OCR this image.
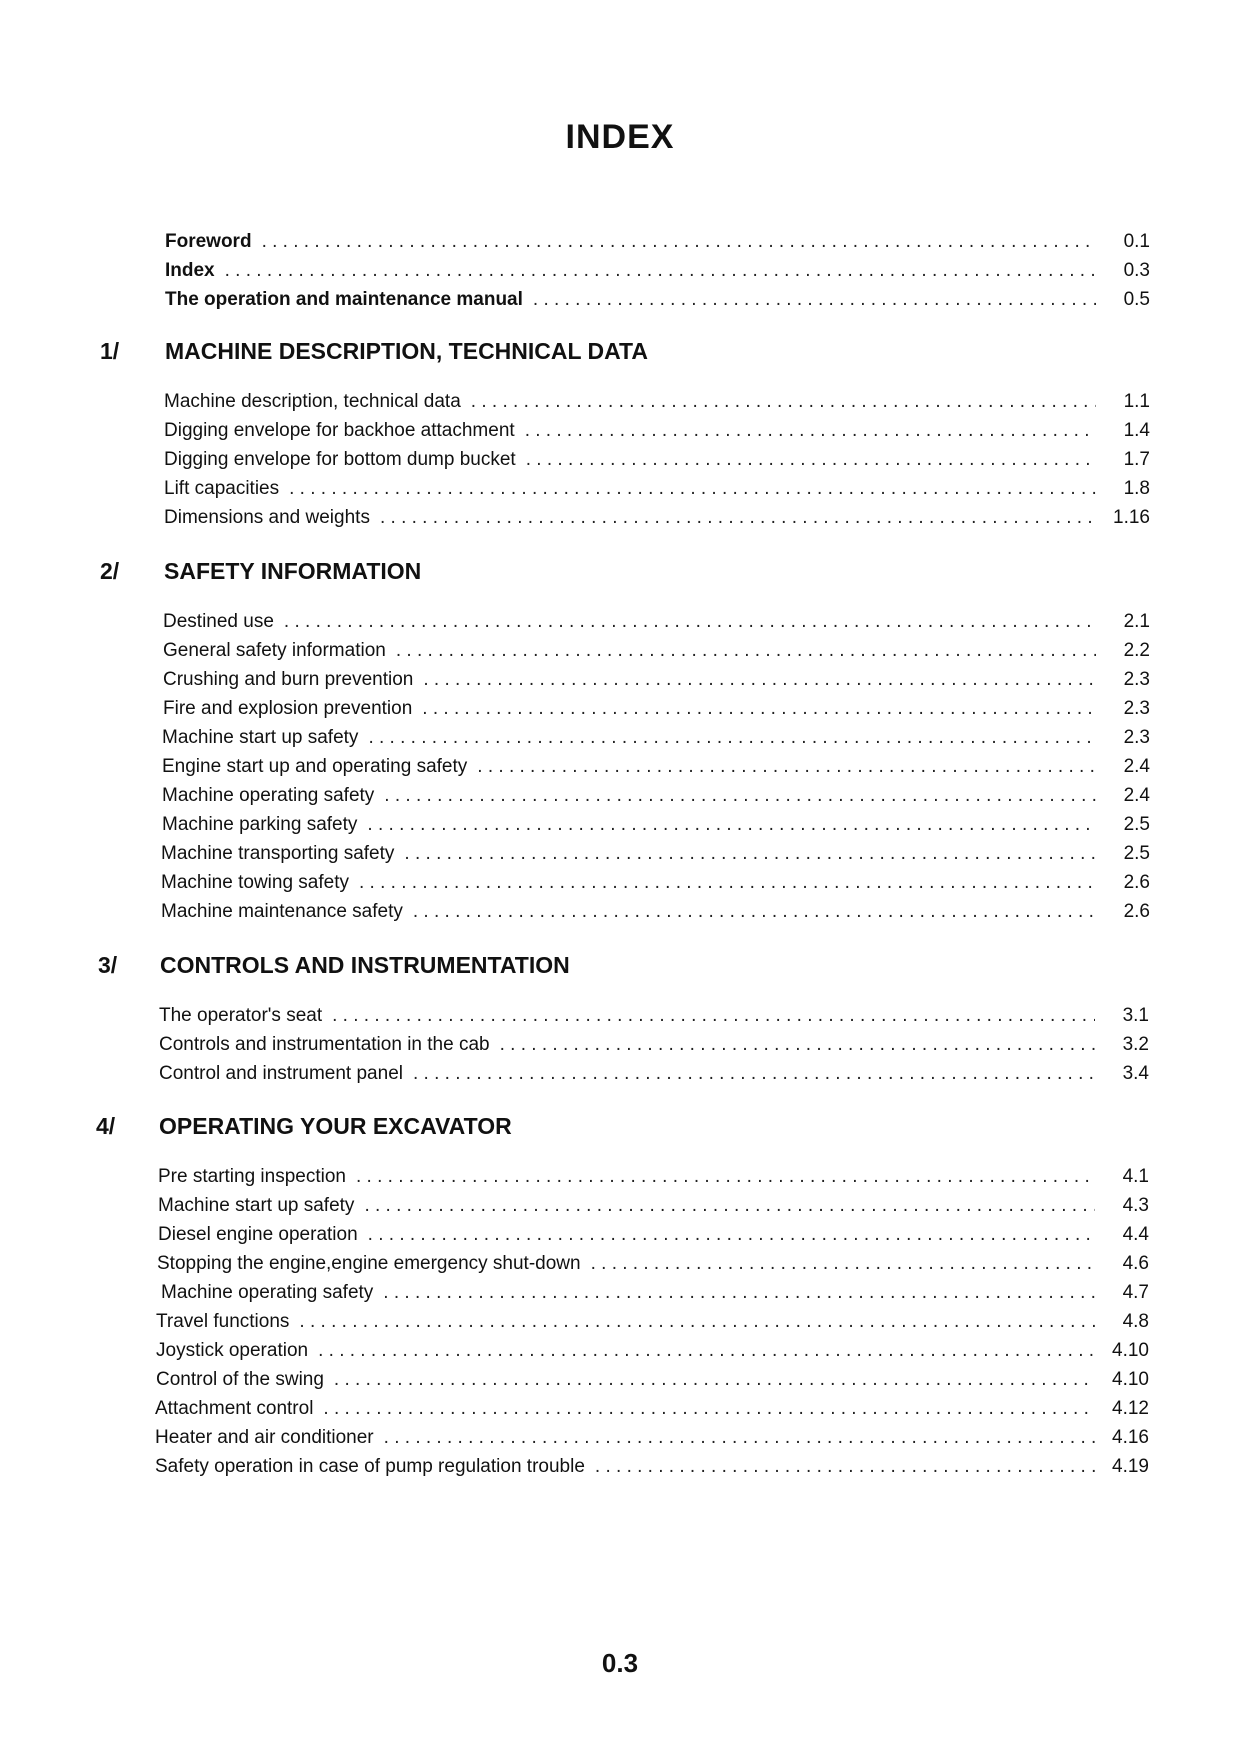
INDEX
Foreword . . .	0.1
Index . . .	0.3
The operation and maintenance manual . . .	0.5
1/ MACHINE DESCRIPTION, TECHNICAL DATA
Machine description, technical data . . .	1.1
Digging envelope for backhoe attachment . . .	1.4
Digging envelope for bottom dump bucket . . .	1.7
Lift capacities . . .	1.8
Dimensions and weights . . .	1.16
2/ SAFETY INFORMATION
Destined use . . .	2.1
General safety information . . .	2.2
Crushing and burn prevention . . .	2.3
Fire and explosion prevention . . .	2.3
Machine start up safety . . .	2.3
Engine start up and operating safety . . .	2.4
Machine operating safety . . .	2.4
Machine parking safety . . .	2.5
Machine transporting safety . . .	2.5
Machine towing safety . . .	2.6
Machine maintenance safety . . .	2.6
3/ CONTROLS AND INSTRUMENTATION
The operator's seat . . .	3.1
Controls and instrumentation in the cab . . .	3.2
Control and instrument panel . . .	3.4
4/ OPERATING YOUR EXCAVATOR
Pre starting inspection . . .	4.1
Machine start up safety . . .	4.3
Diesel engine operation . . .	4.4
Stopping the engine,engine emergency shut-down . . .	4.6
Machine operating safety . . .	4.7
Travel functions . . .	4.8
Joystick operation . . .	4.10
Control of the swing . . .	4.10
Attachment control . . .	4.12
Heater and air conditioner . . .	4.16
Safety operation in case of pump regulation trouble . . .	4.19
0.3
